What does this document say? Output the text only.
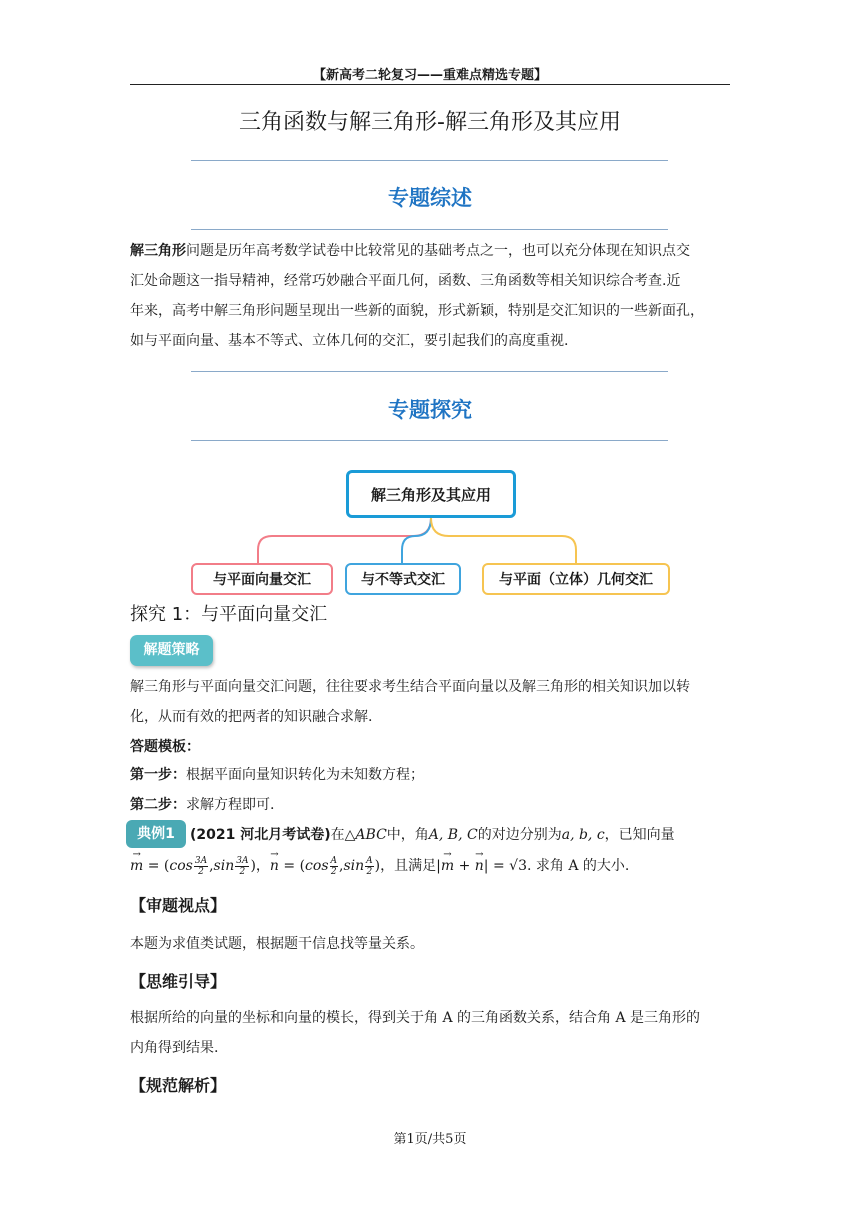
【新高考二轮复习——重难点精选专题】
三角函数与解三角形-解三角形及其应用
专题综述
解三角形问题是历年高考数学试卷中比较常见的基础考点之一，也可以充分体现在知识点交
汇处命题这一指导精神，经常巧妙融合平面几何，函数、三角函数等相关知识综合考查.近
年来，高考中解三角形问题呈现出一些新的面貌，形式新颖，特别是交汇知识的一些新面孔，
如与平面向量、基本不等式、立体几何的交汇，要引起我们的高度重视.
专题探究
解三角形及其应用
与平面向量交汇	与不等式交汇	与平面（立体）几何交汇
探究 1：与平面向量交汇
解题策略
解三角形与平面向量交汇问题，往往要求考生结合平面向量以及解三角形的相关知识加以转
化，从而有效的把两者的知识融合求解.
答题模板：
第一步：根据平面向量知识转化为未知数方程；
第二步：求解方程即可.
典例1	(2021 河北月考试卷)在△ABC中，角A, B, C的对边分别为a, b, c，已知向量
→ $m = (\cos \frac{3A}{2} ,\sin \frac{3A}{2}$ )，→ $n = (\cos \frac{A}{2} ,\sin \frac{A}{2}$ )，且满足|→ m + → n| = √3. 求角 A 的大小.
【审题视点】
本题为求值类试题，根据题干信息找等量关系。
【思维引导】
根据所给的向量的坐标和向量的模长，得到关于角 A 的三角函数关系，结合角 A 是三角形的
内角得到结果.
【规范解析】
第1页/共5页
